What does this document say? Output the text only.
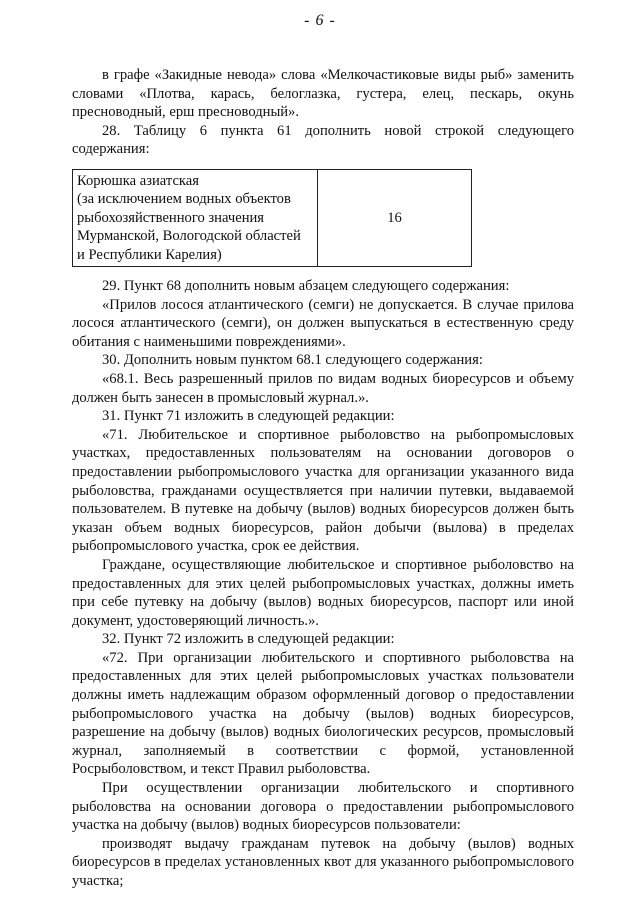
- 6 -

в графе «Закидные невода» слова «Мелкочастиковые виды рыб» заменить словами «Плотва, карась, белоглазка, густера, елец, пескарь, окунь пресноводный, ерш пресноводный».

28. Таблицу 6 пункта 61 дополнить новой строкой следующего содержания:

Корюшка азиатская
(за исключением водных объектов
рыбохозяйственного значения
Мурманской, Вологодской областей
и Республики Карелия)
	16

29. Пункт 68 дополнить новым абзацем следующего содержания:

«Прилов лосося атлантического (семги) не допускается. В случае прилова лосося атлантического (семги), он должен выпускаться в естественную среду обитания с наименьшими повреждениями».

30. Дополнить новым пунктом 68.1 следующего содержания:

«68.1. Весь разрешенный прилов по видам водных биоресурсов и объему должен быть занесен в промысловый журнал.».

31. Пункт 71 изложить в следующей редакции:

«71. Любительское и спортивное рыболовство на рыбопромысловых участках, предоставленных пользователям на основании договоров о предоставлении рыбопромыслового участка для организации указанного вида рыболовства, гражданами осуществляется при наличии путевки, выдаваемой пользователем. В путевке на добычу (вылов) водных биоресурсов должен быть указан объем водных биоресурсов, район добычи (вылова) в пределах рыбопромыслового участка, срок ее действия.

Граждане, осуществляющие любительское и спортивное рыболовство на предоставленных для этих целей рыбопромысловых участках, должны иметь при себе путевку на добычу (вылов) водных биоресурсов, паспорт или иной документ, удостоверяющий личность.».

32. Пункт 72 изложить в следующей редакции:

«72. При организации любительского и спортивного рыболовства на предоставленных для этих целей рыбопромысловых участках пользователи должны иметь надлежащим образом оформленный договор о предоставлении рыбопромыслового участка на добычу (вылов) водных биоресурсов, разрешение на добычу (вылов) водных биологических ресурсов, промысловый журнал, заполняемый в соответствии с формой, установленной Росрыболовством, и текст Правил рыболовства.

При осуществлении организации любительского и спортивного рыболовства на основании договора о предоставлении рыбопромыслового участка на добычу (вылов) водных биоресурсов пользователи:

производят выдачу гражданам путевок на добычу (вылов) водных биоресурсов в пределах установленных квот для указанного рыбопромыслового участка;
